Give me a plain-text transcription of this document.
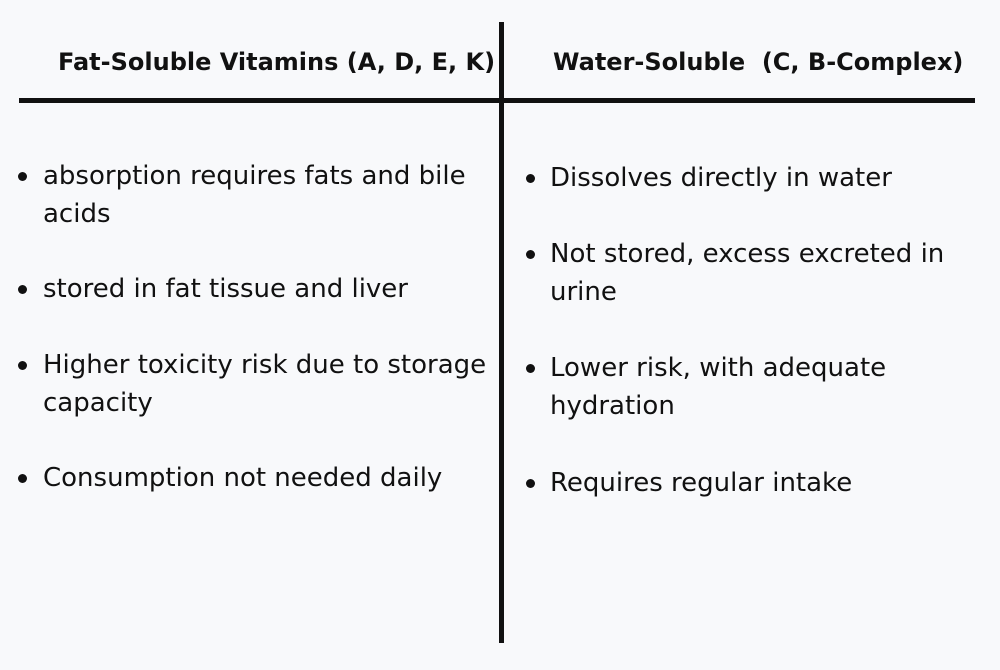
Fat-Soluble Vitamins (A, D, E, K) Water-Soluble  (C, B-Complex)
absorption requires fats and bile acids
stored in fat tissue and liver
Higher toxicity risk due to storage capacity
Consumption not needed daily
Dissolves directly in water
Not stored, excess excreted in urine
Lower risk, with adequate hydration
Requires regular intake
